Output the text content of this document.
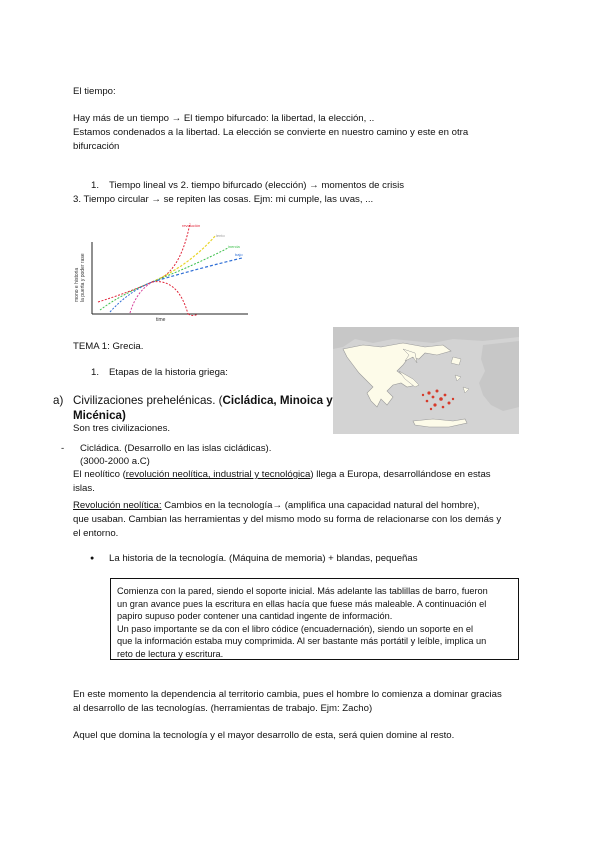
El tiempo:
Hay más de un tiempo → El tiempo bifurcado: la libertad, la elección, ..
Estamos condenados a la libertad. La elección se convierte en nuestro camino y este en otra
bifurcación
1. Tiempo lineal vs 2. tiempo bifurcado (elección) → momentos de crisis
3. Tiempo circular → se repiten las cosas. Ejm: mi cumple, las uvas, ...
mono e historia la puerta y poder rase
time
revolución
lento
inercia
bajo
TEMA 1: Grecia.
1. Etapas de la historia griega:
a) Civilizaciones prehelénicas. (Cicládica, Minoica y
Micénica)
Son tres civilizaciones.
- Cicládica. (Desarrollo en las islas cicládicas).
(3000-2000 a.C)
El neolítico (revolución neolítica, industrial y tecnológica) llega a Europa, desarrollándose en estas
islas.
Revolución neolítica: Cambios en la tecnología→ (amplifica una capacidad natural del hombre),
que usaban. Cambian las herramientas y del mismo modo su forma de relacionarse con los demás y
el entorno.
● La historia de la tecnología. (Máquina de memoria) + blandas, pequeñas
Comienza con la pared, siendo el soporte inicial. Más adelante las tablillas de barro, fueron
un gran avance pues la escritura en ellas hacía que fuese más maleable. A continuación el
papiro supuso poder contener una cantidad ingente de información.
Un paso importante se da con el libro códice (encuadernación), siendo un soporte en el
que la información estaba muy comprimida. Al ser bastante más portátil y leíble, implica un
reto de lectura y escritura.
En este momento la dependencia al territorio cambia, pues el hombre lo comienza a dominar gracias
al desarrollo de las tecnologías. (herramientas de trabajo. Ejm: Zacho)
Aquel que domina la tecnología y el mayor desarrollo de esta, será quien domine al resto.
